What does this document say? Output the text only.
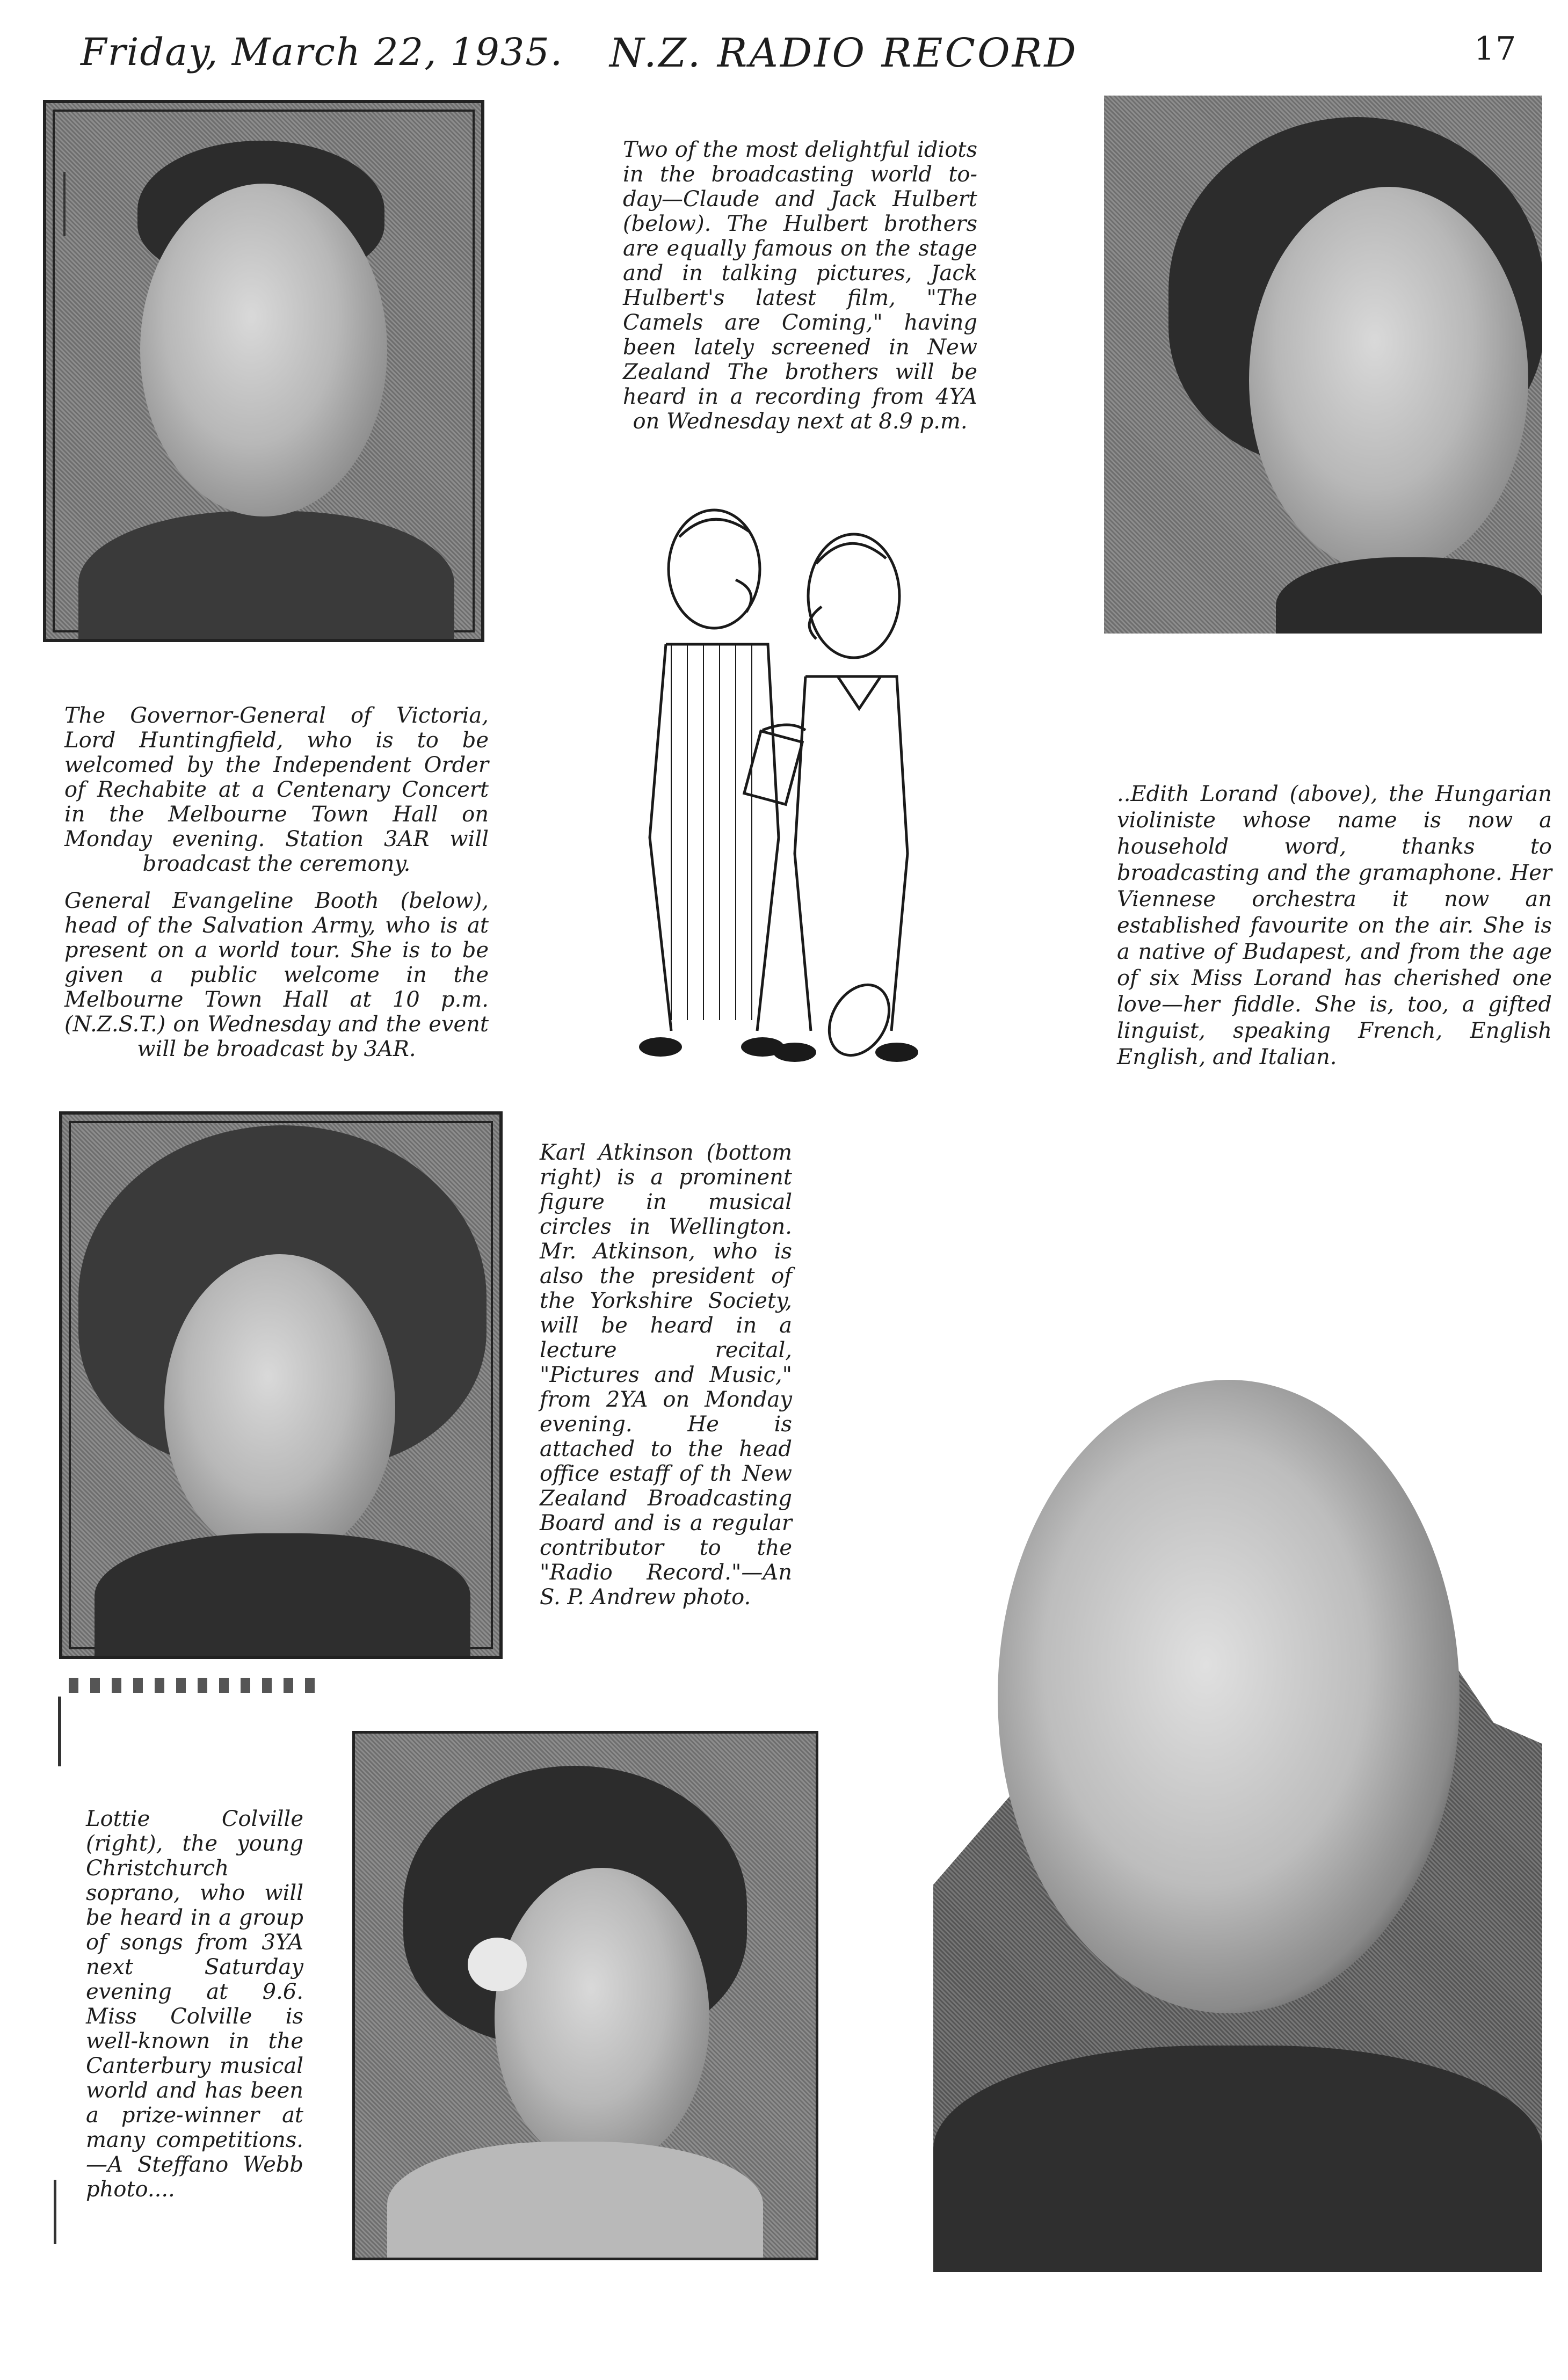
Friday, March 22, 1935. N.Z. RADIO RECORD	17

Two of the most delightful idiots in the broadcasting world to-day—Claude and Jack Hulbert (below). The Hulbert brothers are equally famous on the stage and in talking pictures, Jack Hulbert's latest film, "The Camels are Coming," having been lately screened in New Zealand The brothers will be heard in a recording from 4YA on Wednesday next at 8.9 p.m.

The Governor-General of Victoria, Lord Huntingfield, who is to be welcomed by the Independent Order of Rechabite at a Centenary Concert in the Melbourne Town Hall on Monday evening. Station 3AR will broadcast the ceremony.

General Evangeline Booth (below), head of the Salvation Army, who is at present on a world tour. She is to be given a public welcome in the Melbourne Town Hall at 10 p.m. (N.Z.S.T.) on Wednesday and the event will be broadcast by 3AR.

..Edith Lorand (above), the Hungarian violiniste whose name is now a household word, thanks to broadcasting and the gramaphone. Her Viennese orchestra it now an established favourite on the air. She is a native of Budapest, and from the age of six Miss Lorand has cherished one love—her fiddle. She is, too, a gifted linguist, speaking French, English English, and Italian.

Karl Atkinson (bottom right) is a prominent figure in musical circles in Wellington. Mr. Atkinson, who is also the president of the Yorkshire Society, will be heard in a lecture recital, "Pictures and Music," from 2YA on Monday evening. He is attached to the head office estaff of th New Zealand Broadcasting Board and is a regular contributor to the "Radio Record."—An S. P. Andrew photo.

Lottie Colville (right), the young Christchurch soprano, who will be heard in a group of songs from 3YA next Saturday evening at 9.6. Miss Colville is well-known in the Canterbury musical world and has been a prize-winner at many competitions.—A Steffano Webb photo....
